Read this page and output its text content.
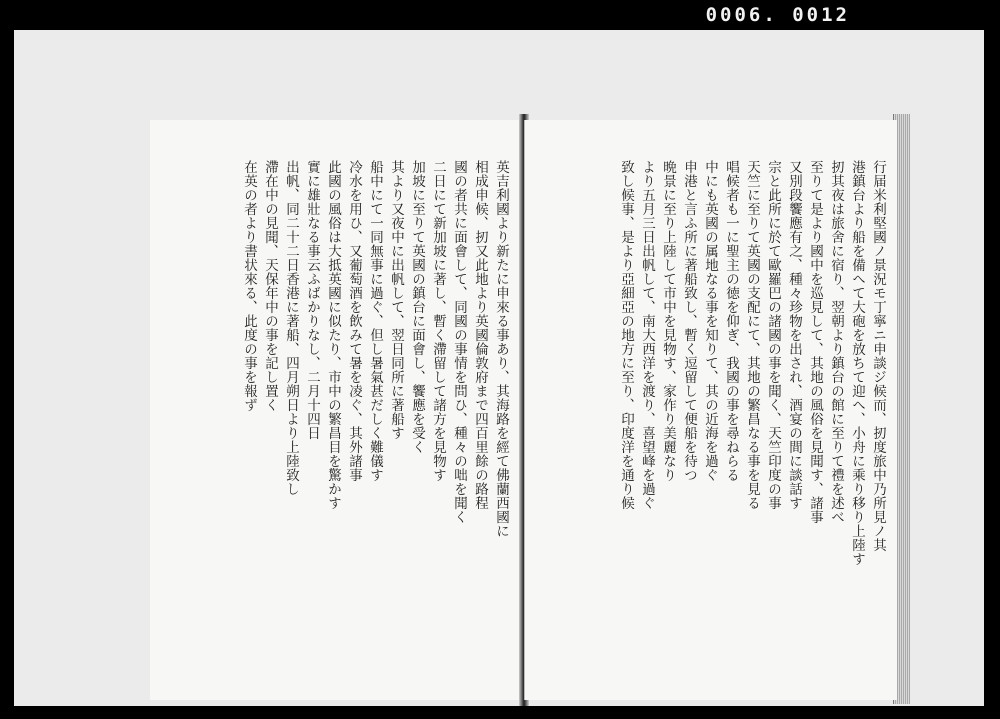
0006. 0012
英吉利國より新たに申來る事あり、其海路を經て佛蘭西國に
相成申候、扨又此地より英國倫敦府まで四百里餘の路程
國の者共に面會して、同國の事情を問ひ、種々の咄を聞く
二日にて新加坡に著し、暫く滯留して諸方を見物す
加坡に至りて英國の鎮台に面會し、饗應を受く
其より又夜中に出帆して、翌日同所に著船す
船中にて一同無事に過ぐ、但し暑氣甚だしく難儀す
冷水を用ひ、又葡萄酒を飲みて暑を凌ぐ、其外諸事
此國の風俗は大抵英國に似たり、市中の繁昌目を驚かす
實に雄壯なる事云ふばかりなし、二月十四日
出帆、同二十二日香港に著船、四月朔日より上陸致し
滯在中の見聞、天保年中の事を記し置く
在英の者より書状來る、此度の事を報ず	行届米利堅國ノ景況モ丁寧ニ申談ジ候而、扨度旅中乃所見ノ其
港鎮台より船を備へて大砲を放ちて迎へ、小舟に乘り移り上陸す
扨其夜は旅舍に宿り、翌朝より鎮台の館に至りて禮を述べ
至りて是より國中を巡見して、其地の風俗を見聞す、諸事
又別段饗應有之、種々珍物を出され、酒宴の間に談話す
宗と此所に於て歐羅巴の諸國の事を聞く、天竺印度の事
天竺に至りて英國の支配にて、其地の繁昌なる事を見る
唱候者も一に聖主の徳を仰ぎ、我國の事を尋ねらる
中にも英國の属地なる事を知りて、其の近海を過ぐ
申港と言ふ所に著船致し、暫く逗留して便船を待つ
晩景に至り上陸して市中を見物す、家作り美麗なり
より五月三日出帆して、南大西洋を渡り、喜望峰を過ぐ
致し候事、是より亞細亞の地方に至り、印度洋を通り候
